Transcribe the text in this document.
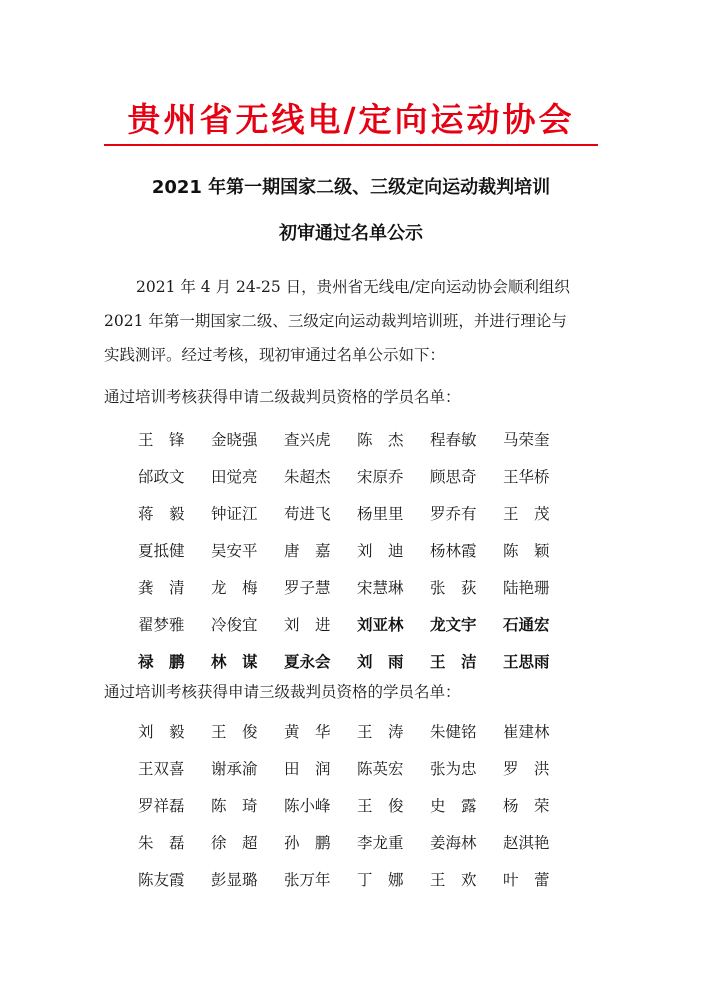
贵州省无线电/定向运动协会
2021 年第一期国家二级、三级定向运动裁判培训
初审通过名单公示
2021 年 4 月 24-25 日，贵州省无线电/定向运动协会顺利组织
2021 年第一期国家二级、三级定向运动裁判培训班，并进行理论与
实践测评。经过考核，现初审通过名单公示如下：
通过培训考核获得申请二级裁判员资格的学员名单：
王　锋	金晓强	查兴虎	陈　杰	程春敏	马荣奎
邰政文	田觉亮	朱超杰	宋原乔	顾思奇	王华桥
蒋　毅	钟证江	苟进飞	杨里里	罗乔有	王　茂
夏抵健	吴安平	唐　嘉	刘　迪	杨林霞	陈　颖
龚　清	龙　梅	罗子慧	宋慧琳	张　荻	陆艳珊
翟梦雅	冷俊宜	刘　进	刘亚林	龙文宇	石通宏
禄　鹏	林　谋	夏永会	刘　雨	王　洁	王思雨
通过培训考核获得申请三级裁判员资格的学员名单：
刘　毅	王　俊	黄　华	王　涛	朱健铭	崔建林
王双喜	谢承渝	田　润	陈英宏	张为忠	罗　洪
罗祥磊	陈　琦	陈小峰	王　俊	史　露	杨　荣
朱　磊	徐　超	孙　鹏	李龙重	姜海林	赵淇艳
陈友霞	彭显璐	张万年	丁　娜	王　欢	叶　蕾
